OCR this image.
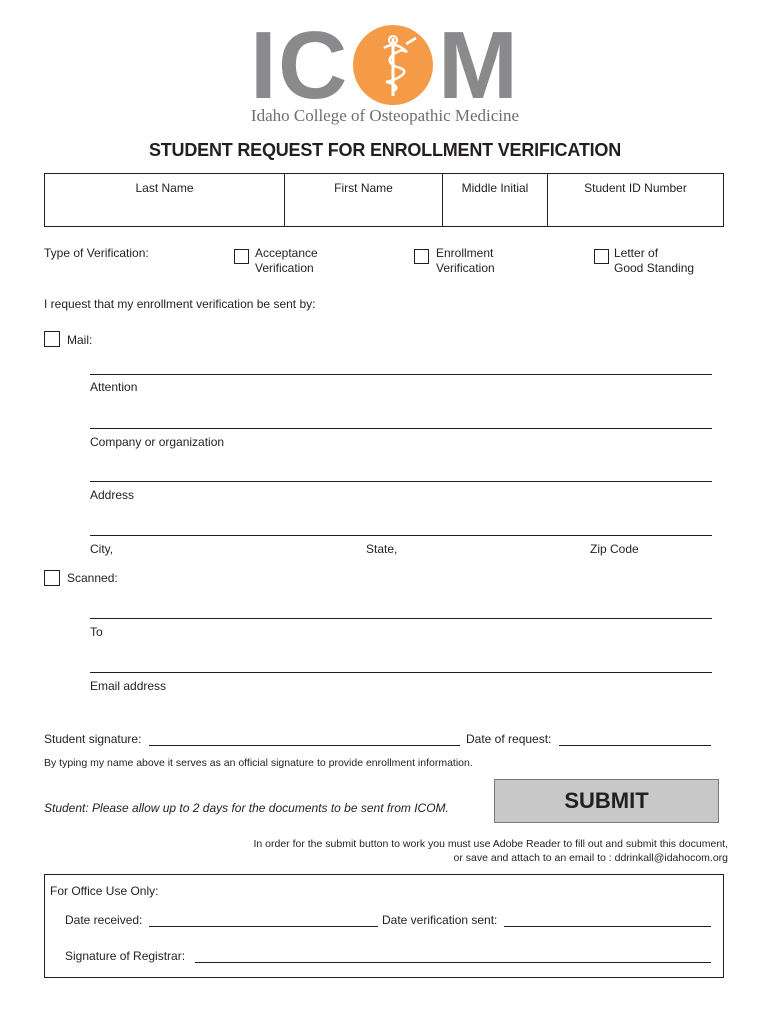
I C M
Idaho College of Osteopathic Medicine
STUDENT REQUEST FOR ENROLLMENT VERIFICATION
Last Name	First Name	Middle Initial	Student ID Number
Type of Verification:	Acceptance
Verification
Enrollment
Verification
Letter of
Good Standing
I request that my enrollment verification be sent by:
Mail:
Attention
Company or organization
Address
City,	State,	Zip Code
Scanned:
To
Email address
Student signature:	Date of request:
By typing my name above it serves as an official signature to provide enrollment information.
Student: Please allow up to 2 days for the documents to be sent from ICOM.	SUBMIT
In order for the submit button to work you must use Adobe Reader to fill out and submit this document,
or save and attach to an email to : ddrinkall@idahocom.org
For Office Use Only:
Date received:	Date verification sent:
Signature of Registrar:
